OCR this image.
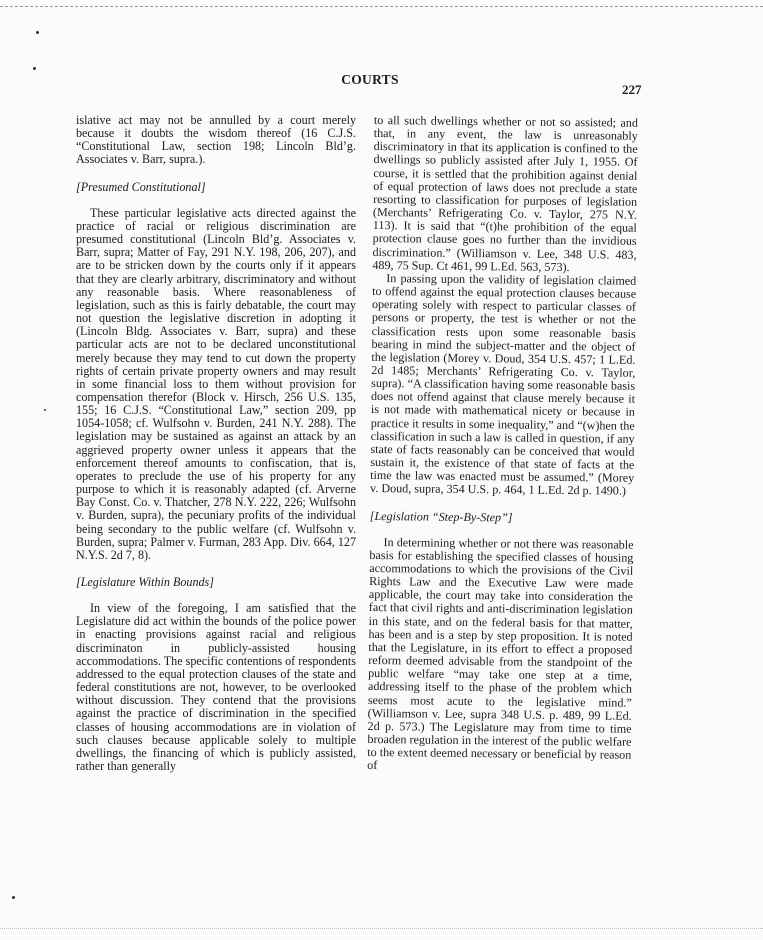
COURTS
227

islative act may not be annulled by a court merely because it doubts the wisdom thereof (16 C.J.S. “Constitutional Law, section 198; Lincoln Bld’g. Associates v. Barr, supra.).

[Presumed Constitutional]

These particular legislative acts directed against the practice of racial or religious discrimination are presumed constitutional (Lincoln Bld’g. Associates v. Barr, supra; Matter of Fay, 291 N.Y. 198, 206, 207), and are to be stricken down by the courts only if it appears that they are clearly arbitrary, discriminatory and without any reasonable basis. Where reasonableness of legislation, such as this is fairly debatable, the court may not question the legislative discretion in adopting it (Lincoln Bldg. Associates v. Barr, supra) and these particular acts are not to be declared unconstitutional merely because they may tend to cut down the property rights of certain private property owners and may result in some financial loss to them without provision for compensation therefor (Block v. Hirsch, 256 U.S. 135, 155; 16 C.J.S. “Constitutional Law,” section 209, pp 1054-1058; cf. Wulfsohn v. Burden, 241 N.Y. 288). The legislation may be sustained as against an attack by an aggrieved property owner unless it appears that the enforcement thereof amounts to confiscation, that is, operates to preclude the use of his property for any purpose to which it is reasonably adapted (cf. Arverne Bay Const. Co. v. Thatcher, 278 N.Y. 222, 226; Wulfsohn v. Burden, supra), the pecuniary profits of the individual being secondary to the public welfare (cf. Wulfsohn v. Burden, supra; Palmer v. Furman, 283 App. Div. 664, 127 N.Y.S. 2d 7, 8).

[Legislature Within Bounds]

In view of the foregoing, I am satisfied that the Legislature did act within the bounds of the police power in enacting provisions against racial and religious discriminaton in publicly-assisted housing accommodations. The specific contentions of respondents addressed to the equal protection clauses of the state and federal constitutions are not, however, to be overlooked without discussion. They contend that the provisions against the practice of discrimination in the specified classes of housing accommodations are in violation of such clauses because applicable solely to multiple dwellings, the financing of which is publicly assisted, rather than generally

to all such dwellings whether or not so assisted; and that, in any event, the law is unreasonably discriminatory in that its application is confined to the dwellings so publicly assisted after July 1, 1955. Of course, it is settled that the prohibition against denial of equal protection of laws does not preclude a state resorting to classification for purposes of legislation (Merchants’ Refrigerating Co. v. Taylor, 275 N.Y. 113). It is said that “(t)he prohibition of the equal protection clause goes no further than the invidious discrimination.” (Williamson v. Lee, 348 U.S. 483, 489, 75 Sup. Ct 461, 99 L.Ed. 563, 573).

In passing upon the validity of legislation claimed to offend against the equal protection clauses because operating solely with respect to particular classes of persons or property, the test is whether or not the classification rests upon some reasonable basis bearing in mind the subject-matter and the object of the legislation (Morey v. Doud, 354 U.S. 457; 1 L.Ed. 2d 1485; Merchants’ Refrigerating Co. v. Taylor, supra). “A classification having some reasonable basis does not offend against that clause merely because it is not made with mathematical nicety or because in practice it results in some inequality,” and “(w)hen the classification in such a law is called in question, if any state of facts reasonably can be conceived that would sustain it, the existence of that state of facts at the time the law was enacted must be assumed.” (Morey v. Doud, supra, 354 U.S. p. 464, 1 L.Ed. 2d p. 1490.)

[Legislation “Step-By-Step”]

In determining whether or not there was reasonable basis for establishing the specified classes of housing accommodations to which the provisions of the Civil Rights Law and the Executive Law were made applicable, the court may take into consideration the fact that civil rights and anti-discrimination legislation in this state, and on the federal basis for that matter, has been and is a step by step proposition. It is noted that the Legislature, in its effort to effect a proposed reform deemed advisable from the standpoint of the public welfare “may take one step at a time, addressing itself to the phase of the problem which seems most acute to the legislative mind.” (Williamson v. Lee, supra 348 U.S. p. 489, 99 L.Ed. 2d p. 573.) The Legislature may from time to time broaden regulation in the interest of the public welfare to the extent deemed necessary or beneficial by reason of
